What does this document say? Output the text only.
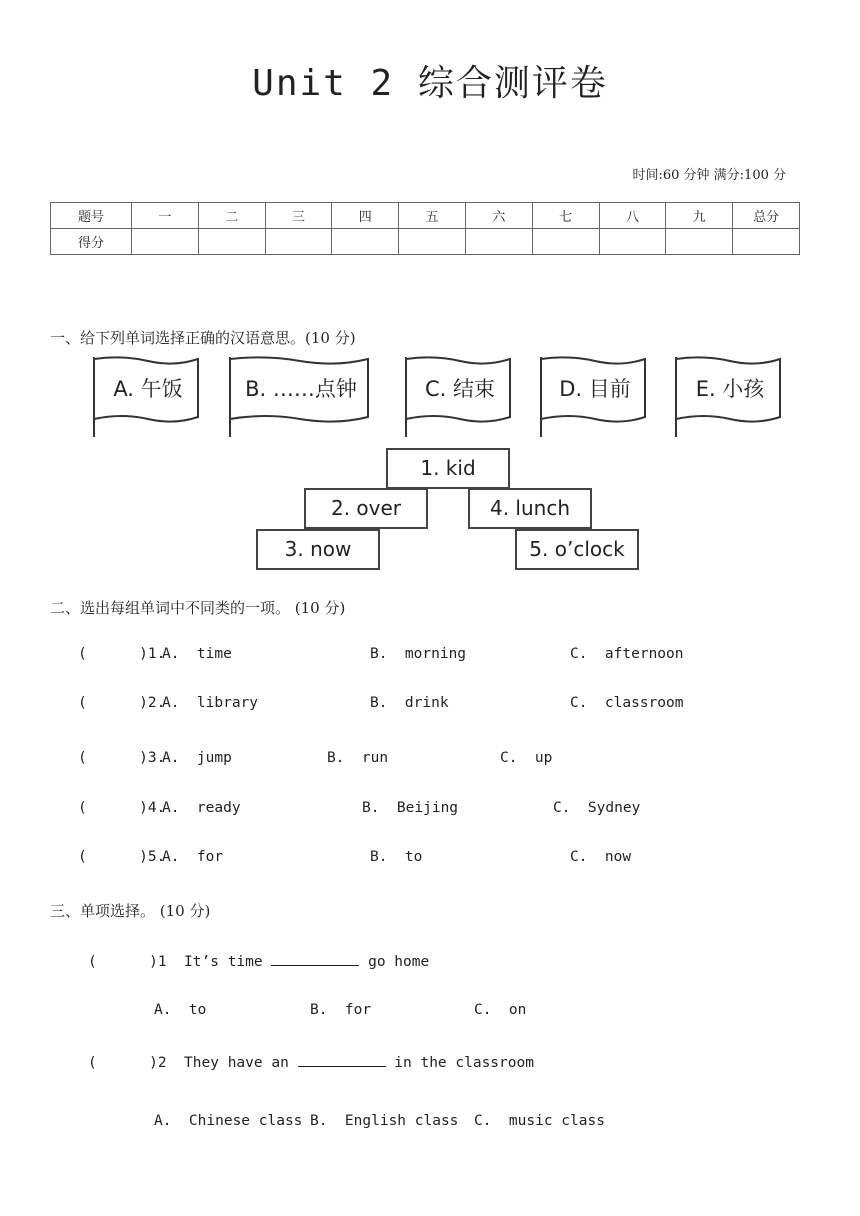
Unit 2 综合测评卷
时间:60 分钟 满分:100 分
题号	一	二	三	四	五	六	七	八	九	总分
得分										
一、给下列单词选择正确的汉语意思。(10 分)
A. 午饭	B. ……点钟	C. 结束	D. 目前	E. 小孩
1. kid
2. over	4. lunch
3. now	5. o’clock
二、选出每组单词中不同类的一项。 (10 分)
(      )1.
A.  time	B.  morning	C.  afternoon
(      )2.
A.  library	B.  drink	C.  classroom
(      )3.
A.  jump	B.  run	C.  up
(      )4.
A.  ready	B.  Beijing	C.  Sydney
(      )5.
A.  for	B.  to	C.  now
三、单项选择。 (10 分)
(      )1 It’s time	go home
A.  to	B.  for	C.  on
(      )2 They have an	in the classroom
A.  Chinese class B.  English class C.  music class
